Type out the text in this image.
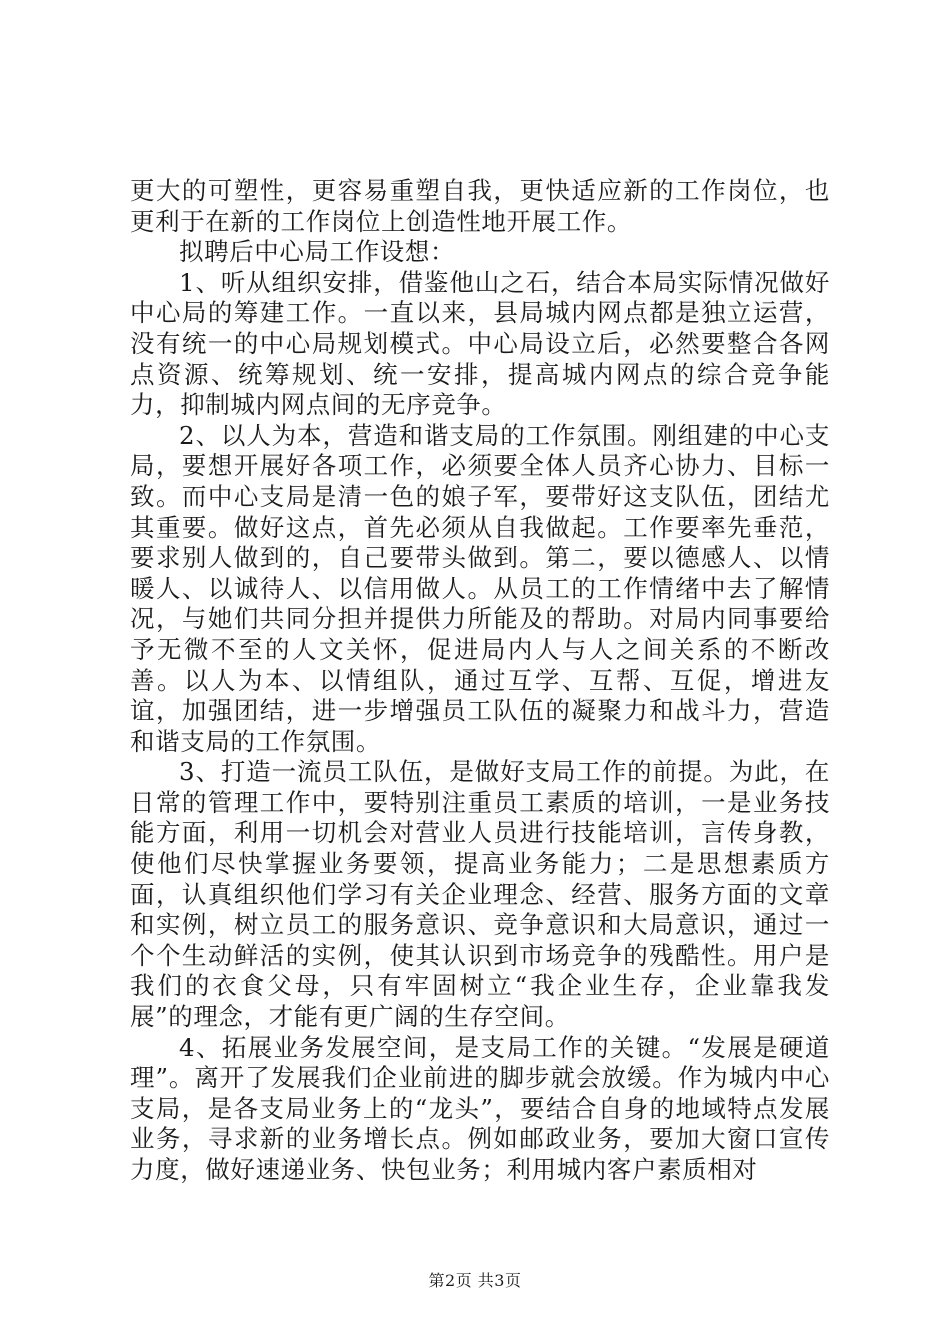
更大的可塑性，更容易重塑自我，更快适应新的工作岗位，也更利于在新的工作岗位上创造性地开展工作。

拟聘后中心局工作设想：

1、听从组织安排，借鉴他山之石，结合本局实际情况做好中心局的筹建工作。一直以来，县局城内网点都是独立运营，没有统一的中心局规划模式。中心局设立后，必然要整合各网点资源、统筹规划、统一安排，提高城内网点的综合竞争能力，抑制城内网点间的无序竞争。

2、以人为本，营造和谐支局的工作氛围。刚组建的中心支局，要想开展好各项工作，必须要全体人员齐心协力、目标一致。而中心支局是清一色的娘子军，要带好这支队伍，团结尤其重要。做好这点，首先必须从自我做起。工作要率先垂范，要求别人做到的，自己要带头做到。第二，要以德感人、以情暖人、以诚待人、以信用做人。从员工的工作情绪中去了解情况，与她们共同分担并提供力所能及的帮助。对局内同事要给予无微不至的人文关怀，促进局内人与人之间关系的不断改善。以人为本、以情组队，通过互学、互帮、互促，增进友谊，加强团结，进一步增强员工队伍的凝聚力和战斗力，营造和谐支局的工作氛围。

3、打造一流员工队伍，是做好支局工作的前提。为此，在日常的管理工作中，要特别注重员工素质的培训，一是业务技能方面，利用一切机会对营业人员进行技能培训，言传身教，使他们尽快掌握业务要领，提高业务能力；二是思想素质方面，认真组织他们学习有关企业理念、经营、服务方面的文章和实例，树立员工的服务意识、竞争意识和大局意识，通过一个个生动鲜活的实例，使其认识到市场竞争的残酷性。用户是我们的衣食父母，只有牢固树立“我企业生存，企业靠我发展”的理念，才能有更广阔的生存空间。

4、拓展业务发展空间，是支局工作的关键。“发展是硬道理”。离开了发展我们企业前进的脚步就会放缓。作为城内中心支局，是各支局业务上的“龙头”，要结合自身的地域特点发展业务，寻求新的业务增长点。例如邮政业务，要加大窗口宣传力度，做好速递业务、快包业务；利用城内客户素质相对

第2页 共3页
